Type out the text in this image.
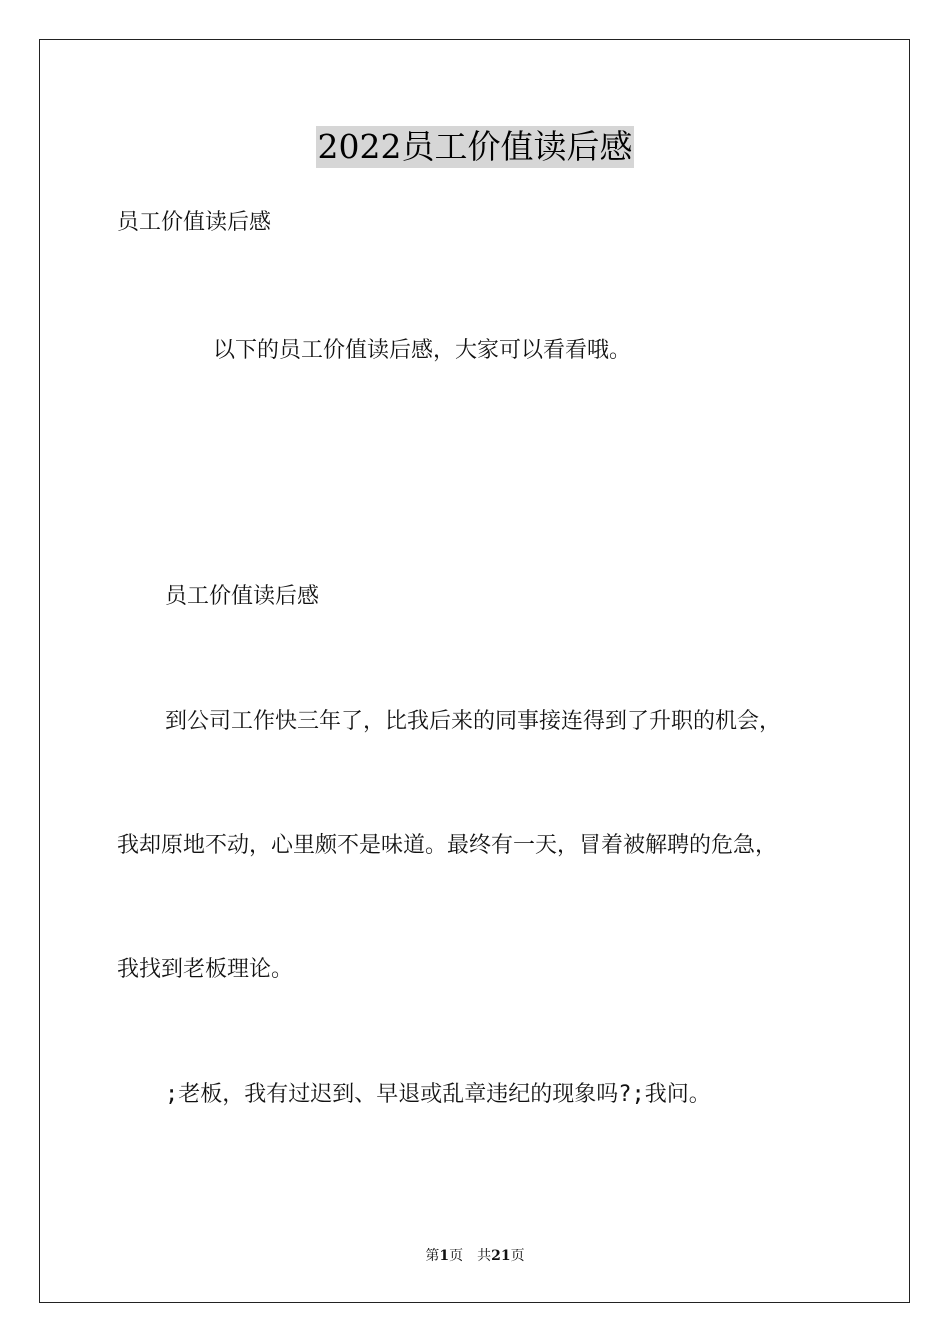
2022员工价值读后感
员工价值读后感
以下的员工价值读后感，大家可以看看哦。
员工价值读后感
到公司工作快三年了，比我后来的同事接连得到了升职的机会，
我却原地不动，心里颇不是味道。最终有一天，冒着被解聘的危急，
我找到老板理论。
;老板，我有过迟到、早退或乱章违纪的现象吗?;我问。
第1页 共21页
